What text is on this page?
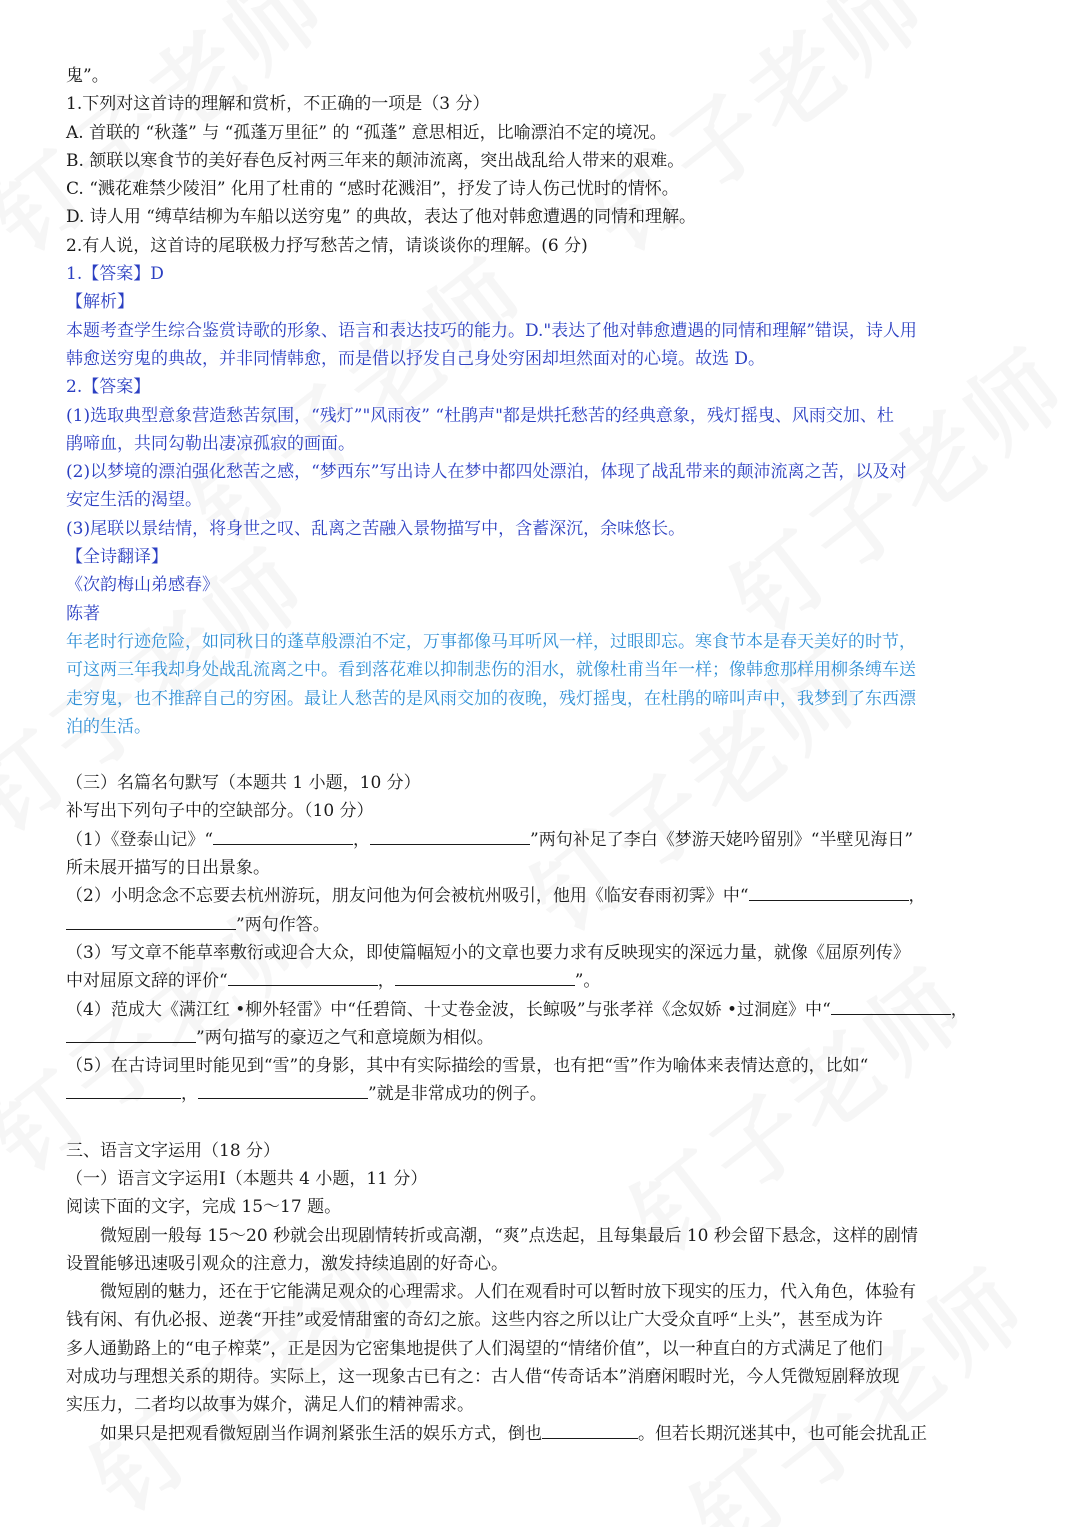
鬼”。
1.下列对这首诗的理解和赏析，不正确的一项是（3 分）
A. 首联的 “秋蓬” 与 “孤蓬万里征” 的 “孤蓬” 意思相近，比喻漂泊不定的境况。
B. 颔联以寒食节的美好春色反衬两三年来的颠沛流离，突出战乱给人带来的艰难。
C. “溅花难禁少陵泪” 化用了杜甫的 “感时花溅泪”，抒发了诗人伤己忧时的情怀。
D. 诗人用 “缚草结柳为车船以送穷鬼” 的典故，表达了他对韩愈遭遇的同情和理解。
2.有人说，这首诗的尾联极力抒写愁苦之情，请谈谈你的理解。(6 分)
1.【答案】D
【解析】
本题考查学生综合鉴赏诗歌的形象、语言和表达技巧的能力。D."表达了他对韩愈遭遇的同情和理解”错误，诗人用
韩愈送穷鬼的典故，并非同情韩愈，而是借以抒发自己身处穷困却坦然面对的心境。故选 D。
2.【答案】
(1)选取典型意象营造愁苦氛围，“残灯”"风雨夜” “杜鹃声"都是烘托愁苦的经典意象，残灯摇曳、风雨交加、杜
鹃啼血，共同勾勒出凄凉孤寂的画面。
(2)以梦境的漂泊强化愁苦之感，“梦西东”写出诗人在梦中都四处漂泊，体现了战乱带来的颠沛流离之苦，以及对
安定生活的渴望。
(3)尾联以景结情，将身世之叹、乱离之苦融入景物描写中，含蓄深沉，余味悠长。
【全诗翻译】
《次韵梅山弟感春》
陈著
年老时行迹危险，如同秋日的蓬草般漂泊不定，万事都像马耳听风一样，过眼即忘。寒食节本是春天美好的时节，
可这两三年我却身处战乱流离之中。看到落花难以抑制悲伤的泪水，就像杜甫当年一样；像韩愈那样用柳条缚车送
走穷鬼，也不推辞自己的穷困。最让人愁苦的是风雨交加的夜晚，残灯摇曳，在杜鹃的啼叫声中，我梦到了东西漂
泊的生活。
（三）名篇名句默写（本题共 1 小题，10 分）
补写出下列句子中的空缺部分。（10 分）
（1）《登泰山记》“	，	”两句补足了李白《梦游天姥吟留别》“半壁见海日”
所未展开描写的日出景象。
（2）小明念念不忘要去杭州游玩，朋友问他为何会被杭州吸引，他用《临安春雨初霁》中“	，
”两句作答。
（3）写文章不能草率敷衍或迎合大众，即使篇幅短小的文章也要力求有反映现实的深远力量，就像《屈原列传》
中对屈原文辞的评价“	，	”。
（4）范成大《满江红 •柳外轻雷》中“任碧筒、十丈卷金波，长鲸吸”与张孝祥《念奴娇 •过洞庭》中“	，
”两句描写的豪迈之气和意境颇为相似。
（5）在古诗词里时能见到“雪”的身影，其中有实际描绘的雪景，也有把“雪”作为喻体来表情达意的，比如“
，	”就是非常成功的例子。
三、语言文字运用（18 分）
（一）语言文字运用Ⅰ（本题共 4 小题，11 分）
阅读下面的文字，完成 15～17 题。
微短剧一般每 15～20 秒就会出现剧情转折或高潮，“爽”点迭起，且每集最后 10 秒会留下悬念，这样的剧情
设置能够迅速吸引观众的注意力，激发持续追剧的好奇心。
微短剧的魅力，还在于它能满足观众的心理需求。人们在观看时可以暂时放下现实的压力，代入角色，体验有
钱有闲、有仇必报、逆袭“开挂”或爱情甜蜜的奇幻之旅。这些内容之所以让广大受众直呼“上头”，甚至成为许
多人通勤路上的“电子榨菜”，正是因为它密集地提供了人们渴望的“情绪价值”，以一种直白的方式满足了他们
对成功与理想关系的期待。实际上，这一现象古已有之：古人借“传奇话本”消磨闲暇时光，今人凭微短剧释放现
实压力，二者均以故事为媒介，满足人们的精神需求。
如果只是把观看微短剧当作调剂紧张生活的娱乐方式，倒也	。但若长期沉迷其中，也可能会扰乱正
